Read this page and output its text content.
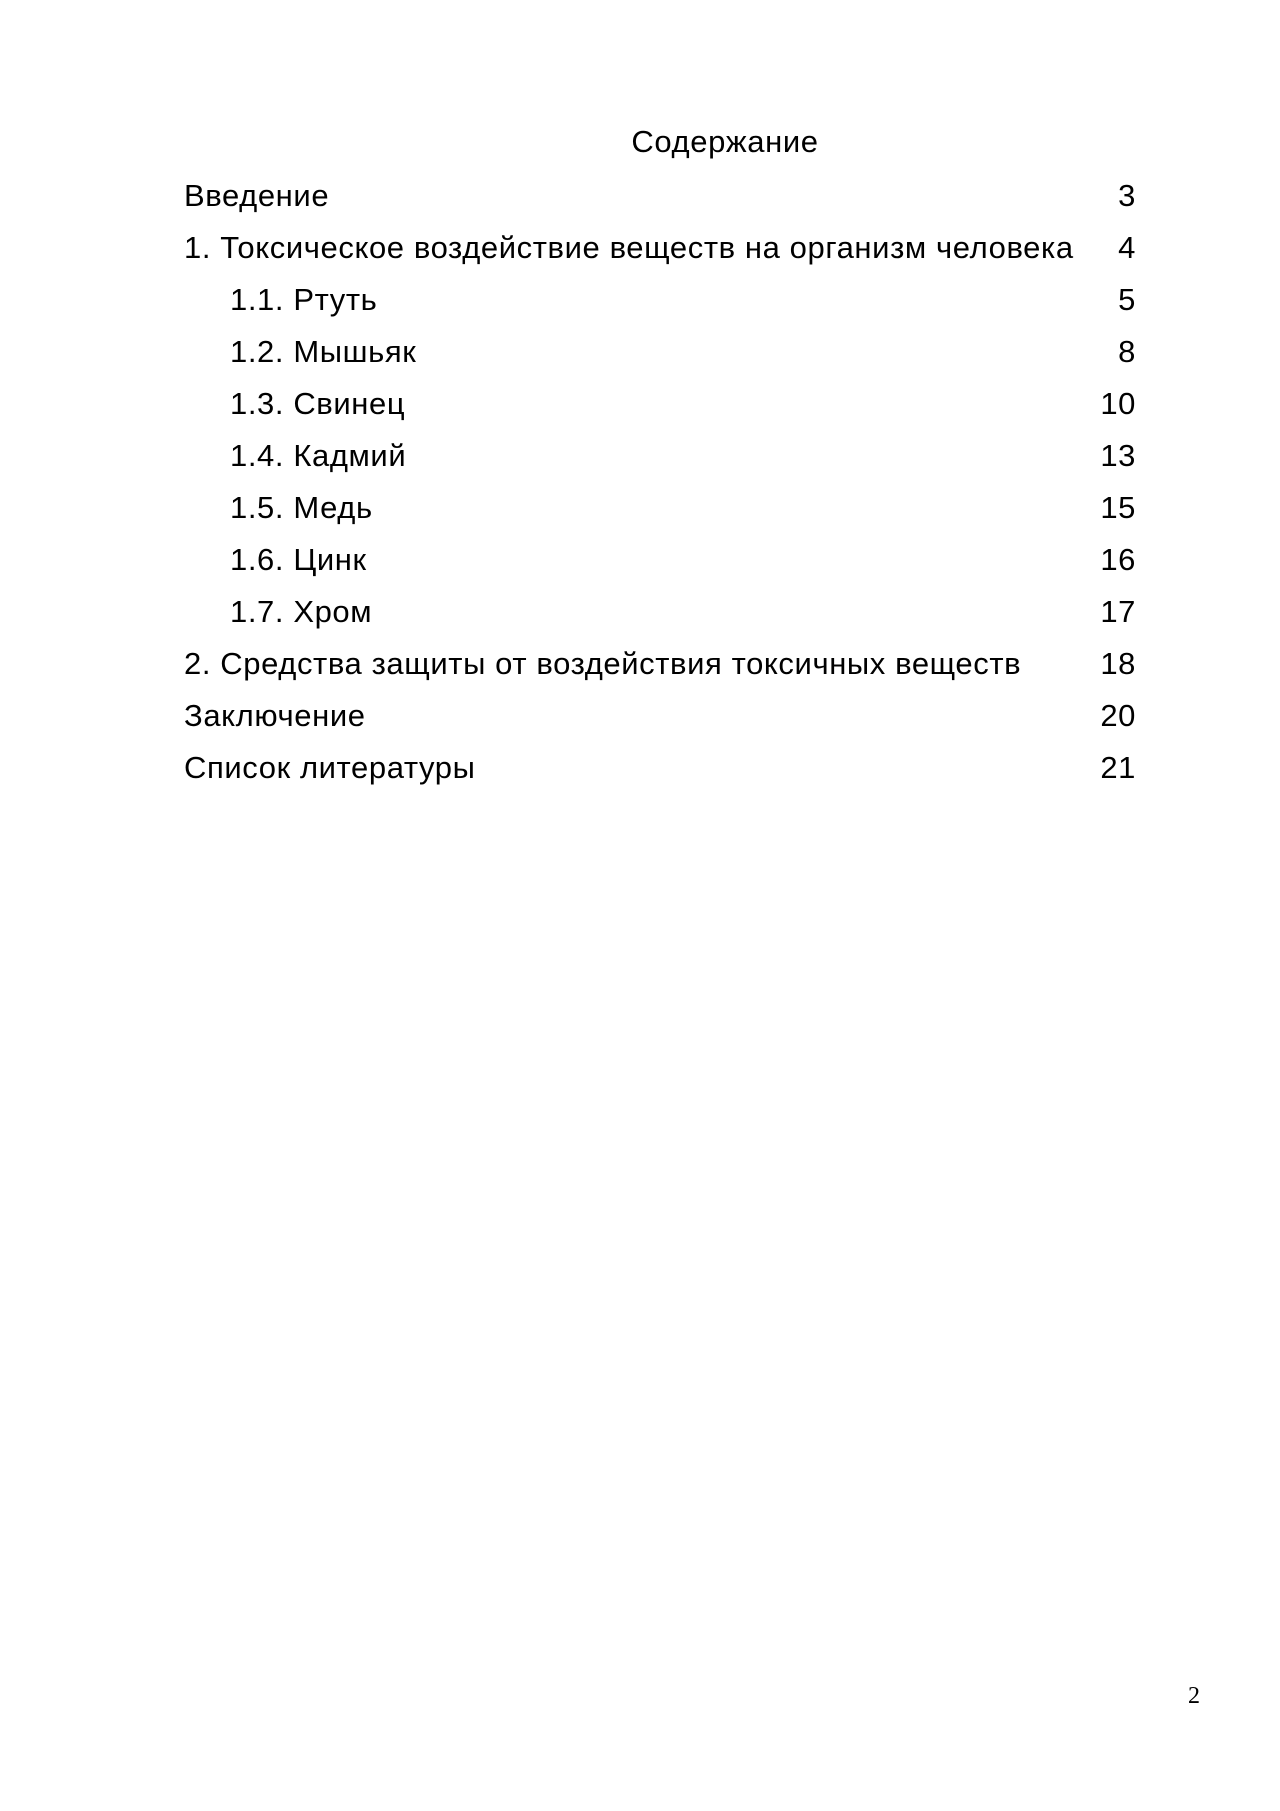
Содержание
Введение	3
1. Токсическое воздействие веществ на организм человека	4
1.1. Ртуть	5
1.2. Мышьяк	8
1.3. Свинец	10
1.4. Кадмий	13
1.5. Медь	15
1.6. Цинк	16
1.7. Хром	17
2. Средства защиты от воздействия токсичных веществ	18
Заключение	20
Список литературы	21
2
